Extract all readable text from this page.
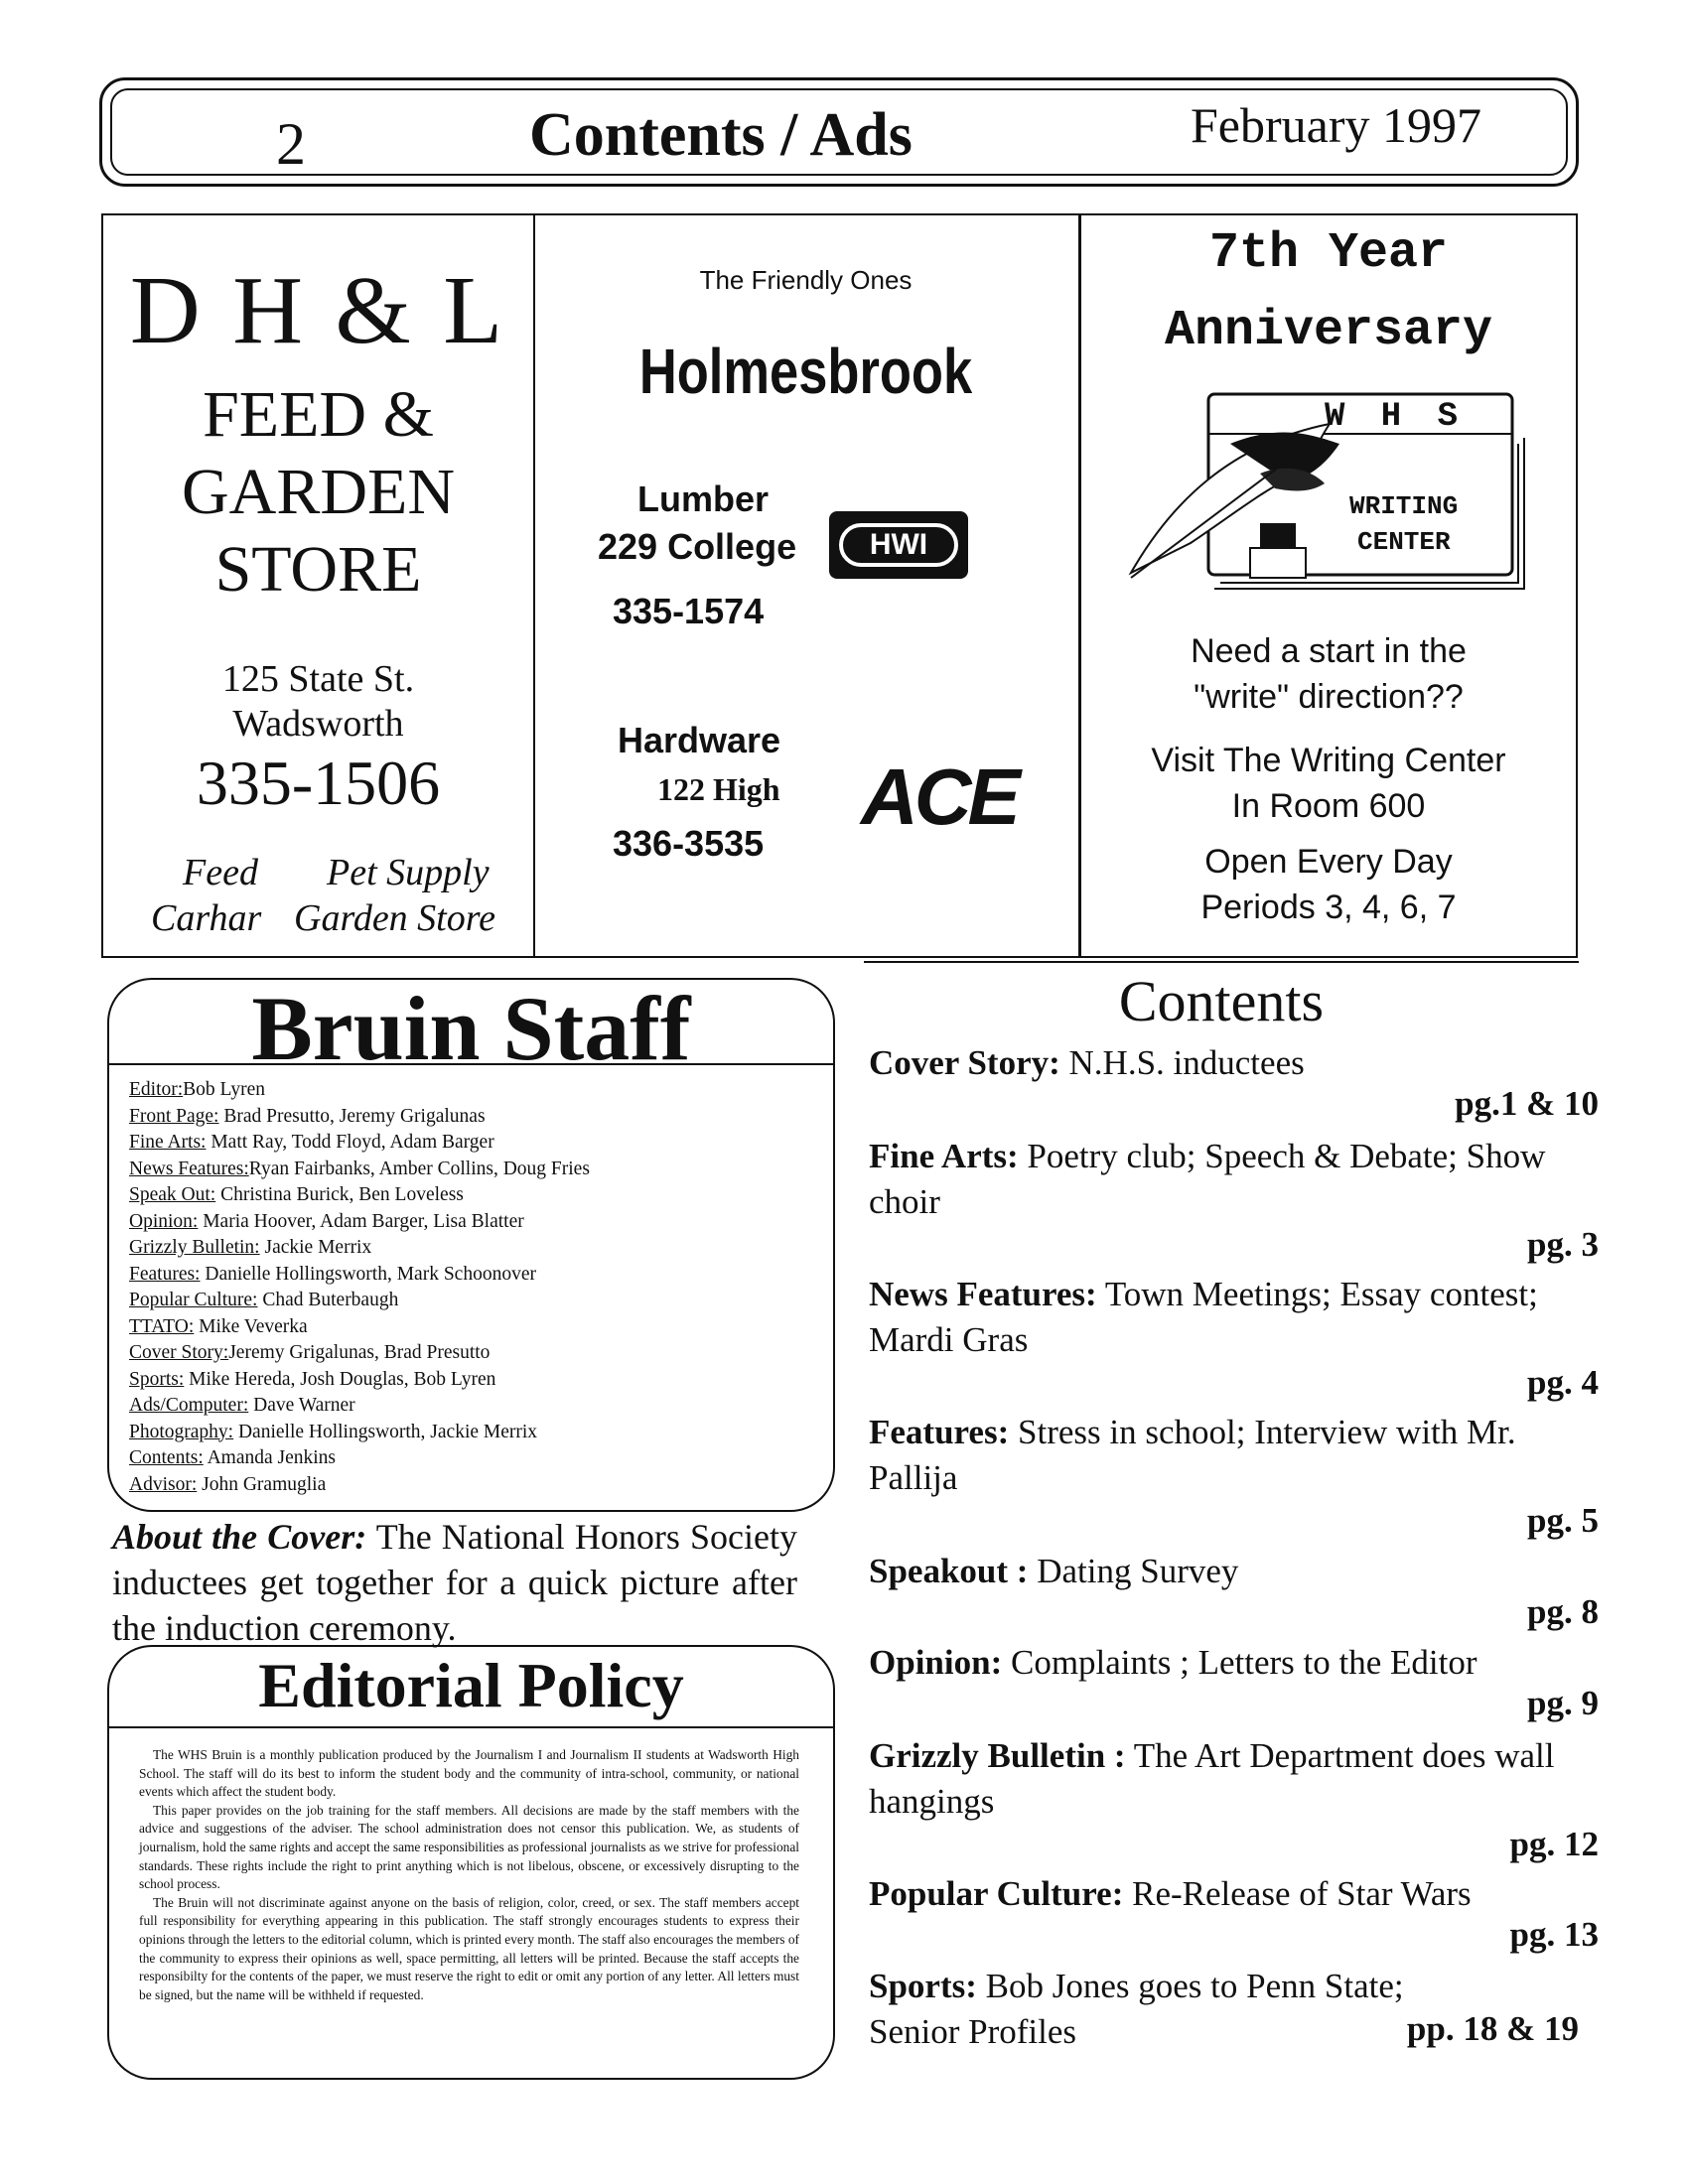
2	Contents / Ads	February 1997
D H & L
FEED &
GARDEN
STORE
125 State St.
Wadsworth
335-1506
Feed Pet Supply
Carhar Garden Store
The Friendly Ones
Holmesbrook
Lumber
229 College
335-1574
HWI
Hardware
122 High
336-3535
ACE
7th Year
Anniversary
W H S
WRITING
CENTER
Need a start in the
"write" direction??
Visit The Writing Center
In Room 600
Open Every Day
Periods 3, 4, 6, 7
Bruin Staff
Editor:Bob Lyren
Front Page: Brad Presutto, Jeremy Grigalunas
Fine Arts: Matt Ray, Todd Floyd, Adam Barger
News Features:Ryan Fairbanks, Amber Collins, Doug Fries
Speak Out: Christina Burick, Ben Loveless
Opinion: Maria Hoover, Adam Barger, Lisa Blatter
Grizzly Bulletin: Jackie Merrix
Features: Danielle Hollingsworth, Mark Schoonover
Popular Culture: Chad Buterbaugh
TTATO: Mike Veverka
Cover Story:Jeremy Grigalunas, Brad Presutto
Sports: Mike Hereda, Josh Douglas, Bob Lyren
Ads/Computer: Dave Warner
Photography: Danielle Hollingsworth, Jackie Merrix
Contents: Amanda Jenkins
Advisor: John Gramuglia
About the Cover: The National Honors Society inductees get together for a quick picture after the induction ceremony.
Editorial Policy

The WHS Bruin is a monthly publication produced by the Journalism I and Journalism II students at Wadsworth High School. The staff will do its best to inform the student body and the community of intra-school, community, or national events which affect the student body.

This paper provides on the job training for the staff members. All decisions are made by the staff members with the advice and suggestions of the adviser. The school administration does not censor this publication. We, as students of journalism, hold the same rights and accept the same responsibilities as professional journalists as we strive for professional standards. These rights include the right to print anything which is not libelous, obscene, or excessively disrupting to the school process.

The Bruin will not discriminate against anyone on the basis of religion, color, creed, or sex. The staff members accept full responsibility for everything appearing in this publication. The staff strongly encourages students to express their opinions through the letters to the editorial column, which is printed every month. The staff also encourages the members of the community to express their opinions as well, space permitting, all letters will be printed. Because the staff accepts the responsibilty for the contents of the paper, we must reserve the right to edit or omit any portion of any letter. All letters must be signed, but the name will be withheld if requested.

Contents
Cover Story: N.H.S. inductees
pg.1 & 10
Fine Arts: Poetry club; Speech & Debate; Show choir
pg. 3
News Features: Town Meetings; Essay contest; Mardi Gras
pg. 4
Features: Stress in school; Interview with Mr. Pallija
pg. 5
Speakout : Dating Survey
pg. 8
Opinion: Complaints ; Letters to the Editor
pg. 9
Grizzly Bulletin : The Art Department does wall hangings
pg. 12
Popular Culture: Re-Release of Star Wars
pg. 13
Sports: Bob Jones goes to Penn State; Senior Profiles	pp. 18 & 19
